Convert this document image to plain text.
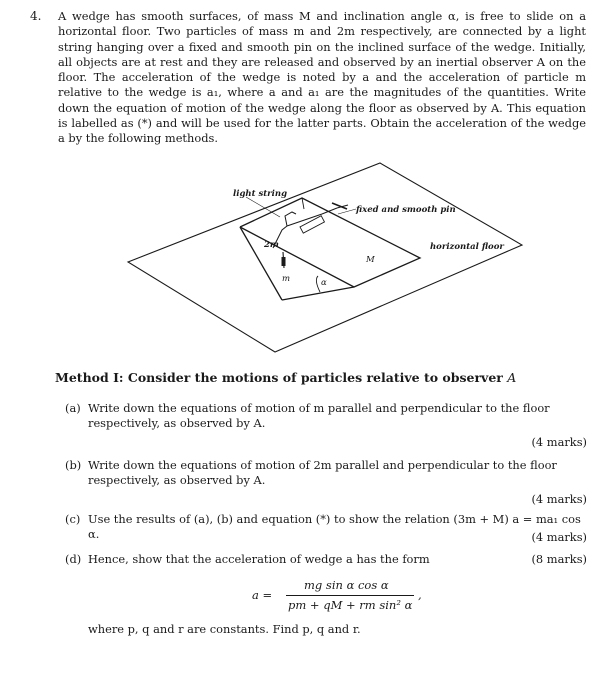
4. A wedge has smooth surfaces, of mass M and inclination angle α, is free to slide on a horizontal floor. Two particles of mass m and 2m respectively, are connected by a light string hanging over a fixed and smooth pin on the inclined surface of the wedge. Initially, all objects are at rest and they are released and observed by an inertial observer A on the floor. The acceleration of the wedge is noted by a and the acceleration of particle m relative to the wedge is a₁, where a and a₁ are the magnitudes of the quantities. Write down the equation of motion of the wedge along the floor as observed by A. This equation is labelled as (*) and will be used for the latter parts. Obtain the acceleration of the wedge a by the following methods.
light string
fixed and smooth pin
horizontal floor
2m
m
M
α
Method I: Consider the motions of particles relative to observer A
(a) Write down the equations of motion of m parallel and perpendicular to the floor respectively, as observed by A.
(4 marks)
(b) Write down the equations of motion of 2m parallel and perpendicular to the floor respectively, as observed by A.
(4 marks)
(c) Use the results of (a), (b) and equation (*) to show the relation (3m + M) a = ma₁ cos α.	(4 marks)
(d) Hence, show that the acceleration of wedge a has the form	(8 marks)
a =
mg sin α cos α
pm + qM + rm sin² α
,
where p, q and r are constants. Find p, q and r.
